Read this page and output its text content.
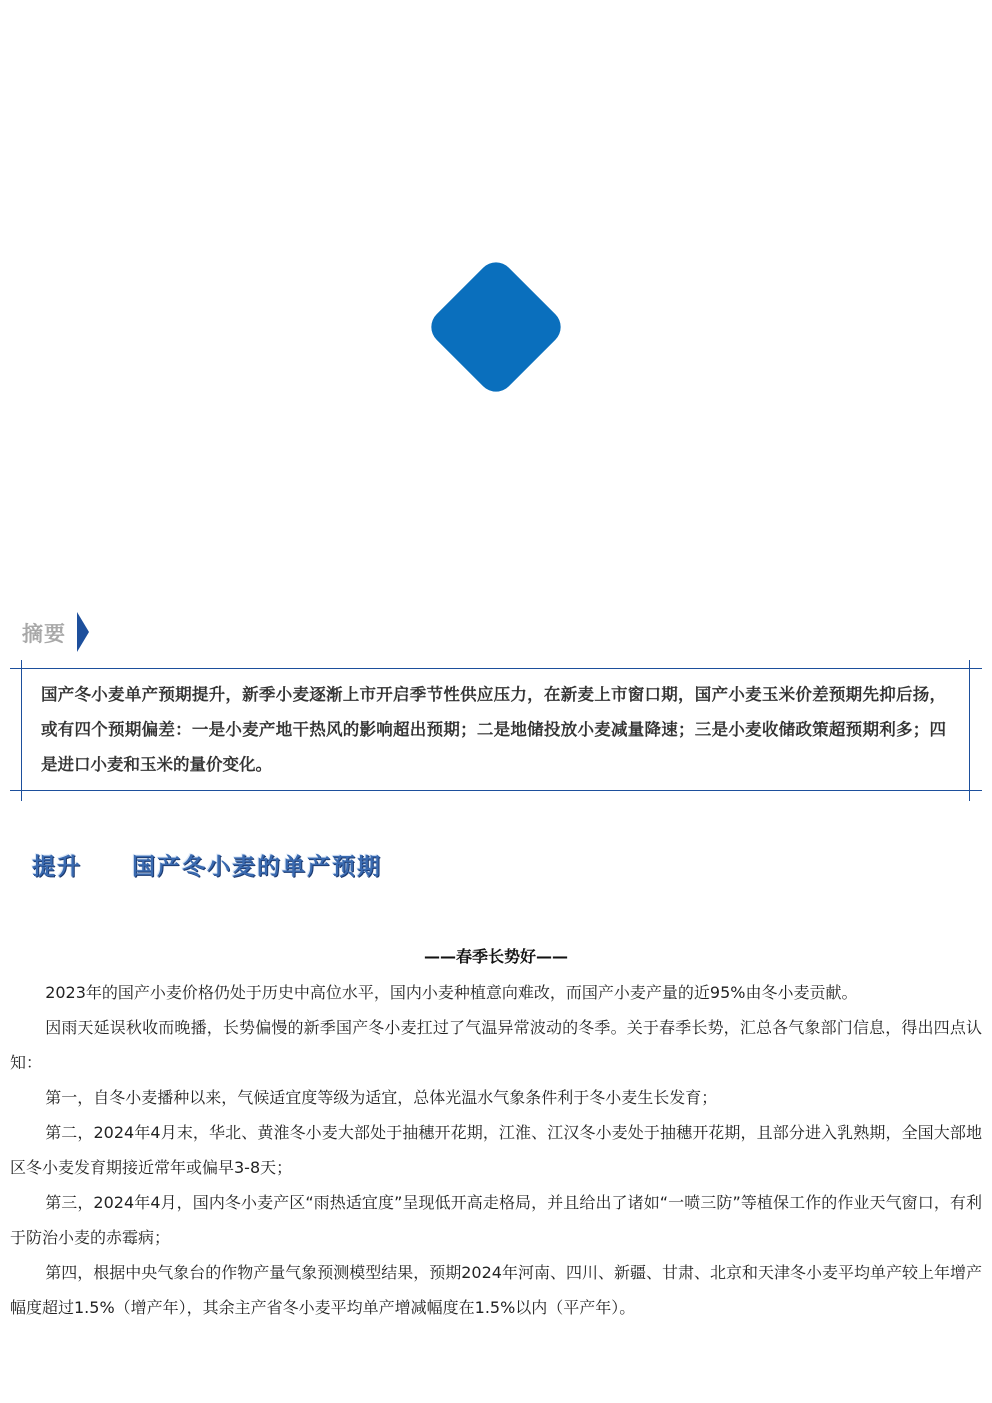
摘要
国产冬小麦单产预期提升，新季小麦逐渐上市开启季节性供应压力，在新麦上市窗口期，国产小麦玉米价差预期先抑后扬，或有四个预期偏差：一是小麦产地干热风的影响超出预期；二是地储投放小麦减量降速；三是小麦收储政策超预期利多；四是进口小麦和玉米的量价变化。
提升 国产冬小麦的单产预期
——春季长势好——

2023年的国产小麦价格仍处于历史中高位水平，国内小麦种植意向难改，而国产小麦产量的近95%由冬小麦贡献。

因雨天延误秋收而晚播，长势偏慢的新季国产冬小麦扛过了气温异常波动的冬季。关于春季长势，汇总各气象部门信息，得出四点认知：

第一，自冬小麦播种以来，气候适宜度等级为适宜，总体光温水气象条件利于冬小麦生长发育；

第二，2024年4月末，华北、黄淮冬小麦大部处于抽穗开花期，江淮、江汉冬小麦处于抽穗开花期，且部分进入乳熟期，全国大部地区冬小麦发育期接近常年或偏早3-8天；

第三，2024年4月，国内冬小麦产区“雨热适宜度”呈现低开高走格局，并且给出了诸如“一喷三防”等植保工作的作业天气窗口，有利于防治小麦的赤霉病；

第四，根据中央气象台的作物产量气象预测模型结果，预期2024年河南、四川、新疆、甘肃、北京和天津冬小麦平均单产较上年增产幅度超过1.5%（增产年），其余主产省冬小麦平均单产增减幅度在1.5%以内（平产年）。
